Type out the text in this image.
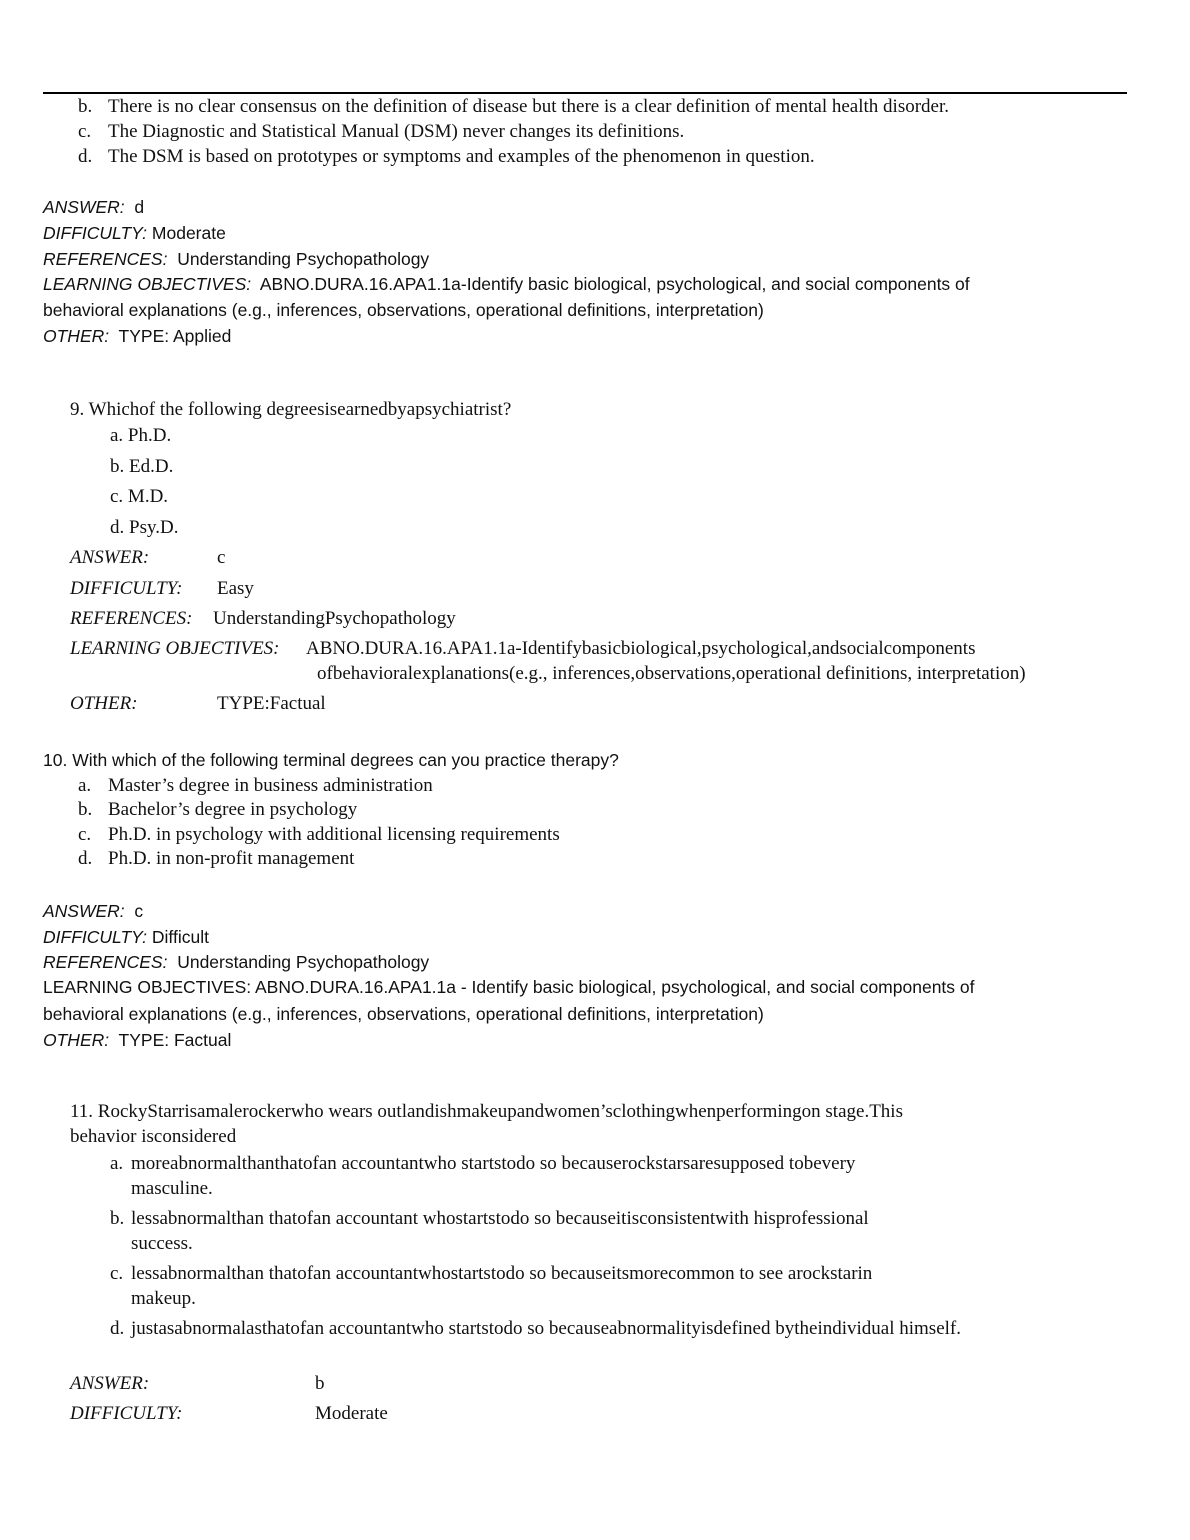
b. There is no clear consensus on the definition of disease but there is a clear definition of mental health disorder.
c. The Diagnostic and Statistical Manual (DSM) never changes its definitions.
d. The DSM is based on prototypes or symptoms and examples of the phenomenon in question.
ANSWER: d
DIFFICULTY: Moderate
REFERENCES: Understanding Psychopathology
LEARNING OBJECTIVES: ABNO.DURA.16.APA1.1a-Identify basic biological, psychological, and social components of
behavioral explanations (e.g., inferences, observations, operational definitions, interpretation)
OTHER: TYPE: Applied
9. Whichof the following degreesisearnedbyapsychiatrist?
a. Ph.D.
b. Ed.D.
c. M.D.
d. Psy.D.
ANSWER:	c
DIFFICULTY: Easy
REFERENCES: UnderstandingPsychopathology
LEARNING OBJECTIVES: ABNO.DURA.16.APA1.1a-Identifybasicbiological,psychological,andsocialcomponents
ofbehavioralexplanations(e.g., inferences,observations,operational definitions, interpretation)
OTHER:	TYPE:Factual
10. With which of the following terminal degrees can you practice therapy?
a. Master’s degree in business administration
b. Bachelor’s degree in psychology
c. Ph.D. in psychology with additional licensing requirements
d. Ph.D. in non-profit management
ANSWER: c
DIFFICULTY: Difficult
REFERENCES: Understanding Psychopathology
LEARNING OBJECTIVES: ABNO.DURA.16.APA1.1a - Identify basic biological, psychological, and social components of
behavioral explanations (e.g., inferences, observations, operational definitions, interpretation)
OTHER: TYPE: Factual
11. RockyStarrisamalerockerwho wears outlandishmakeupandwomen’sclothingwhenperformingon stage.This
behavior isconsidered
a. moreabnormalthanthatofan accountantwho startstodo so becauserockstarsaresupposed tobevery
masculine.
b. lessabnormalthan thatofan accountant whostartstodo so becauseitisconsistentwith hisprofessional
success.
c. lessabnormalthan thatofan accountantwhostartstodo so becauseitsmorecommon to see arockstarin
makeup.
d. justasabnormalasthatofan accountantwho startstodo so becauseabnormalityisdefined bytheindividual himself.
ANSWER:	b
DIFFICULTY:	Moderate
